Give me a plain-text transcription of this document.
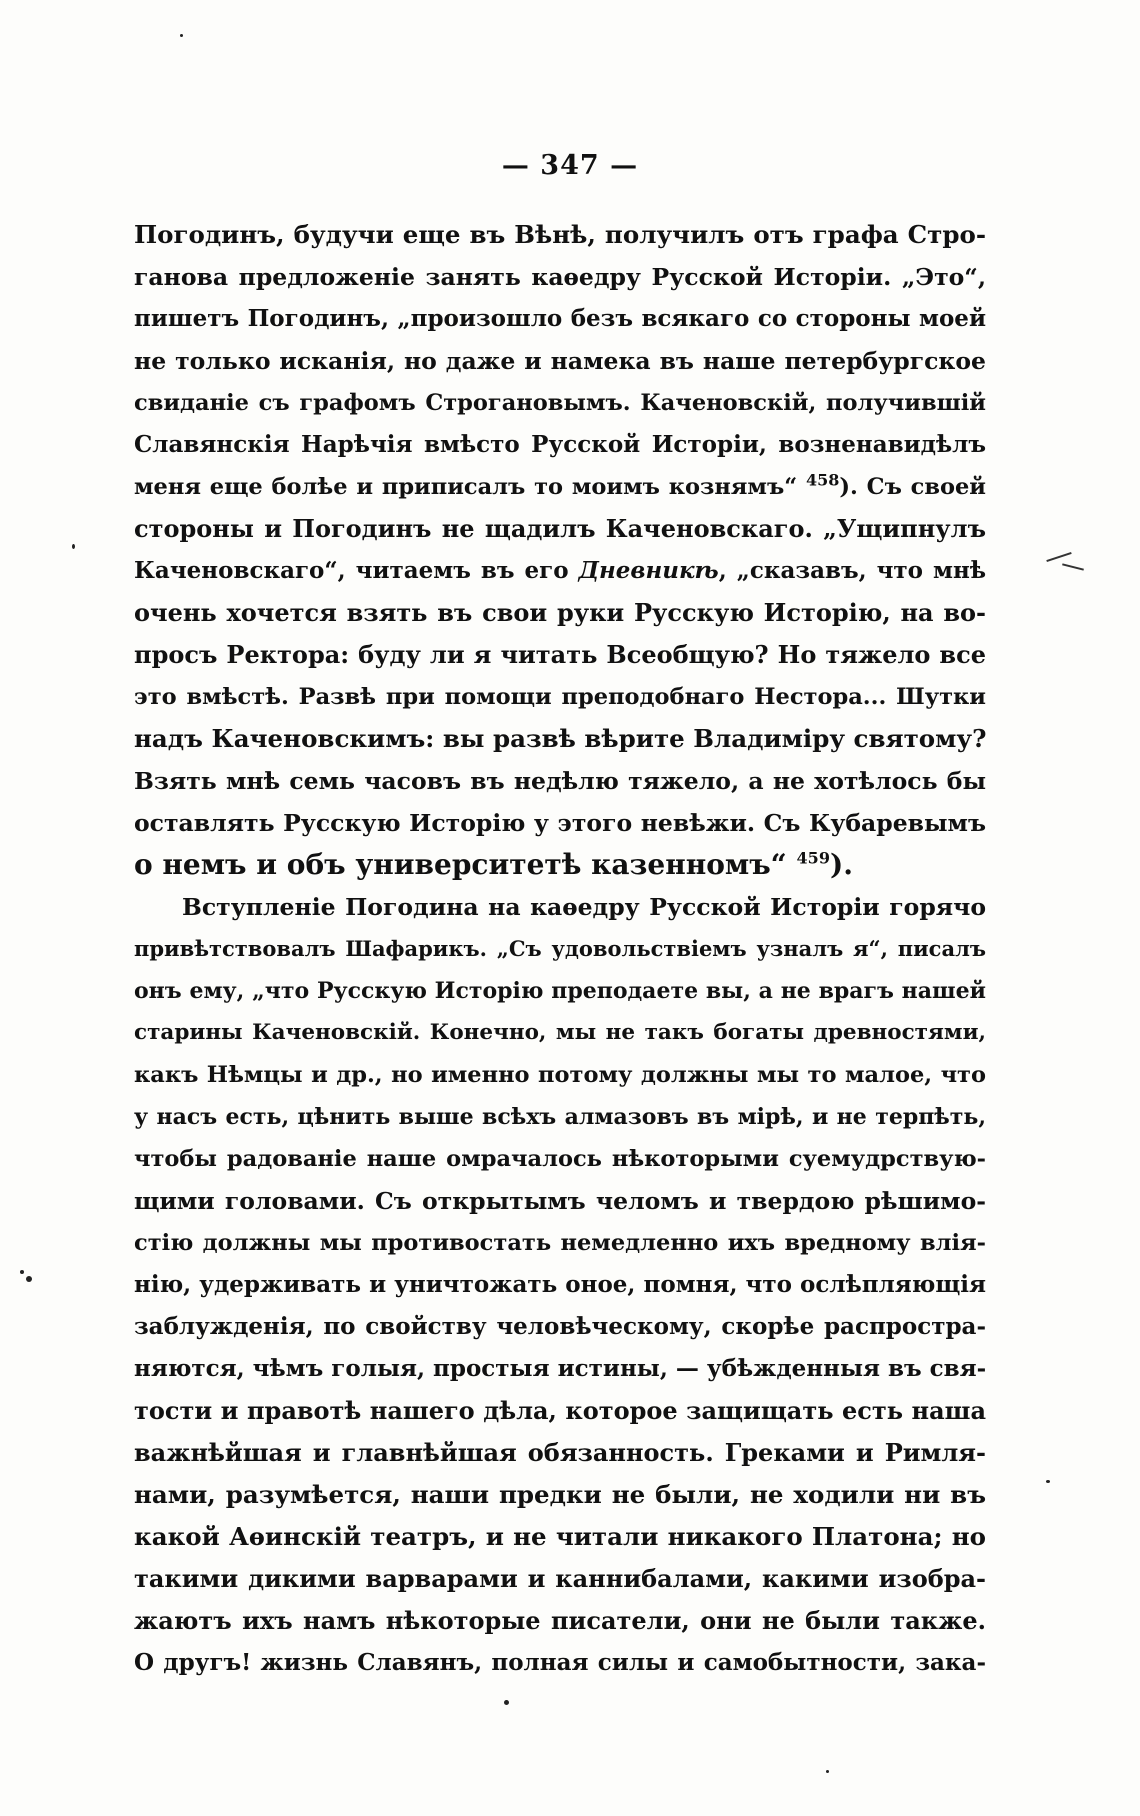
— 347 —
Погодинъ, будучи еще въ Вѣнѣ, получилъ отъ графа Стро-
ганова предложеніе занять каѳедру Русской Исторіи. „Это“,
пишетъ Погодинъ, „произошло безъ всякаго со стороны моей
не только исканія, но даже и намека въ наше петербургское
свиданіе съ графомъ Строгановымъ. Каченовскій, получившій
Славянскія Нарѣчія вмѣсто Русской Исторіи, возненавидѣлъ
меня еще болѣе и приписалъ то моимъ кознямъ“ $^{458}$). Съ своей
стороны и Погодинъ не щадилъ Каченовскаго. „Ущипнулъ
Каченовскаго“, читаемъ въ его Дневникѣ, „сказавъ, что мнѣ
очень хочется взять въ свои руки Русскую Исторію, на во-
просъ Ректора: буду ли я читать Всеобщую? Но тяжело все
это вмѣстѣ. Развѣ при помощи преподобнаго Нестора... Шутки
надъ Каченовскимъ: вы развѣ вѣрите Владиміру святому?
Взять мнѣ семь часовъ въ недѣлю тяжело, а не хотѣлось бы
оставлять Русскую Исторію у этого невѣжи. Съ Кубаревымъ
о немъ и объ университетѣ казенномъ“ $^{459}$).
Вступленіе Погодина на каѳедру Русской Исторіи горячо
привѣтствовалъ Шафарикъ. „Съ удовольствіемъ узналъ я“, писалъ
онъ ему, „что Русскую Исторію преподаете вы, а не врагъ нашей
старины Каченовскій. Конечно, мы не такъ богаты древностями,
какъ Нѣмцы и др., но именно потому должны мы то малое, что
у насъ есть, цѣнить выше всѣхъ алмазовъ въ мірѣ, и не терпѣть,
чтобы радованіе наше омрачалось нѣкоторыми суемудрствую-
щими головами. Съ открытымъ челомъ и твердою рѣшимо-
стію должны мы противостать немедленно ихъ вредному влія-
нію, удерживать и уничтожать оное, помня, что ослѣпляющія
заблужденія, по свойству человѣческому, скорѣе распростра-
няются, чѣмъ голыя, простыя истины, — убѣжденныя въ свя-
тости и правотѣ нашего дѣла, которое защищать есть наша
важнѣйшая и главнѣйшая обязанность. Греками и Римля-
нами, разумѣется, наши предки не были, не ходили ни въ
какой Аѳинскій театръ, и не читали никакого Платона; но
такими дикими варварами и каннибалами, какими изобра-
жаютъ ихъ намъ нѣкоторые писатели, они не были также.
О другъ! жизнь Славянъ, полная силы и самобытности, зака-
